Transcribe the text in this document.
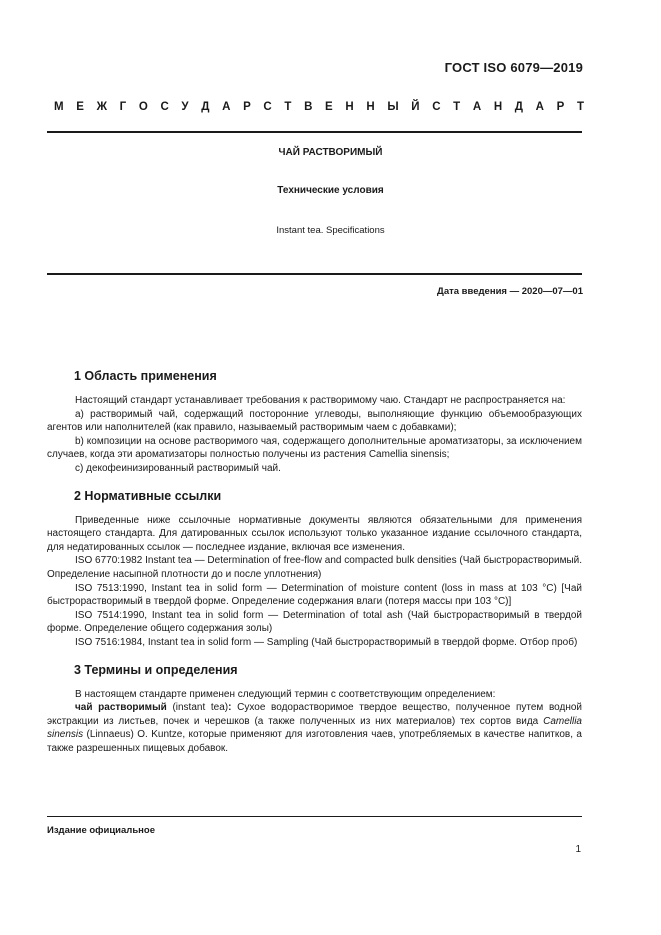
ГОСТ ISO 6079—2019
М Е Ж Г О С У Д А Р С Т В Е Н Н Ы Й С Т А Н Д А Р Т
ЧАЙ РАСТВОРИМЫЙ
Технические условия
Instant tea. Specifications
Дата введения — 2020—07—01
1 Область применения

Настоящий стандарт устанавливает требования к растворимому чаю. Стандарт не распространяется на:

a) растворимый чай, содержащий посторонние углеводы, выполняющие функцию объемообразующих агентов или наполнителей (как правило, называемый растворимым чаем с добавками);

b) композиции на основе растворимого чая, содержащего дополнительные ароматизаторы, за исключением случаев, когда эти ароматизаторы полностью получены из растения Camellia sinensis;

c) декофеинизированный растворимый чай.

2 Нормативные ссылки

Приведенные ниже ссылочные нормативные документы являются обязательными для применения настоящего стандарта. Для датированных ссылок используют только указанное издание ссылочного стандарта, для недатированных ссылок — последнее издание, включая все изменения.

ISO 6770:1982 Instant tea — Determination of free-flow and compacted bulk densities (Чай быстрорастворимый. Определение насыпной плотности до и после уплотнения)

ISO 7513:1990, Instant tea in solid form — Determination of moisture content (loss in mass at 103 °C) [Чай быстрорастворимый в твердой форме. Определение содержания влаги (потеря массы при 103 °C)]

ISO 7514:1990, Instant tea in solid form — Determination of total ash (Чай быстрорастворимый в твердой форме. Определение общего содержания золы)

ISO 7516:1984, Instant tea in solid form — Sampling (Чай быстрорастворимый в твердой форме. Отбор проб)

3 Термины и определения

В настоящем стандарте применен следующий термин с соответствующим определением:

чай растворимый (instant tea): Сухое водорастворимое твердое вещество, полученное путем водной экстракции из листьев, почек и черешков (а также полученных из них материалов) тех сортов вида Camellia sinensis (Linnaeus) O. Kuntze, которые применяют для изготовления чаев, употребляемых в качестве напитков, а также разрешенных пищевых добавок.

Издание официальное
1
